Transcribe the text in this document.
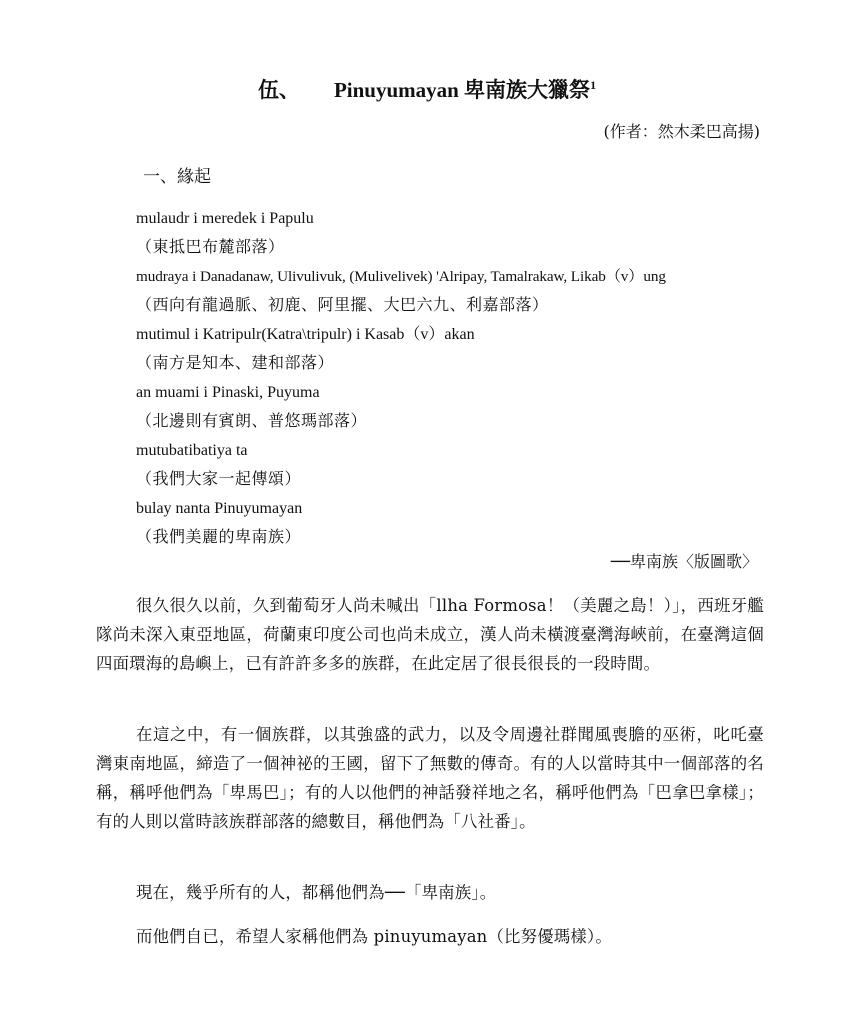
伍、 Pinuyumayan 卑南族大獵祭$^1$
(作者：然木柔巴高揚)
一、緣起
mulaudr i meredek i Papulu
（東抵巴布麓部落）
mudraya i Danadanaw, Ulivulivuk, (Mulivelivek) 'Alripay, Tamalrakaw, Likab（v）ung
（西向有龍過脈、初鹿、阿里擺、大巴六九、利嘉部落）
mutimul i Katripulr(Katra\tripulr) i Kasab（v）akan
（南方是知本、建和部落）
an muami i Pinaski, Puyuma
（北邊則有賓朗、普悠瑪部落）
mutubatibatiya ta
（我們大家一起傳頌）
bulay nanta Pinuyumayan
（我們美麗的卑南族）
──卑南族〈版圖歌〉

很久很久以前，久到葡萄牙人尚未喊出「llha Formosa！（美麗之島！）」，西班牙艦隊尚未深入東亞地區，荷蘭東印度公司也尚未成立，漢人尚未橫渡臺灣海峽前，在臺灣這個四面環海的島嶼上，已有許許多多的族群，在此定居了很長很長的一段時間。

在這之中，有一個族群，以其強盛的武力，以及令周邊社群聞風喪膽的巫術，叱吒臺灣東南地區，締造了一個神祕的王國，留下了無數的傳奇。有的人以當時其中一個部落的名稱，稱呼他們為「卑馬巴」；有的人以他們的神話發祥地之名，稱呼他們為「巴拿巴拿樣」；有的人則以當時該族群部落的總數目，稱他們為「八社番」。

現在，幾乎所有的人，都稱他們為──「卑南族」。

而他們自已，希望人家稱他們為 pinuyumayan（比努優瑪樣）。
